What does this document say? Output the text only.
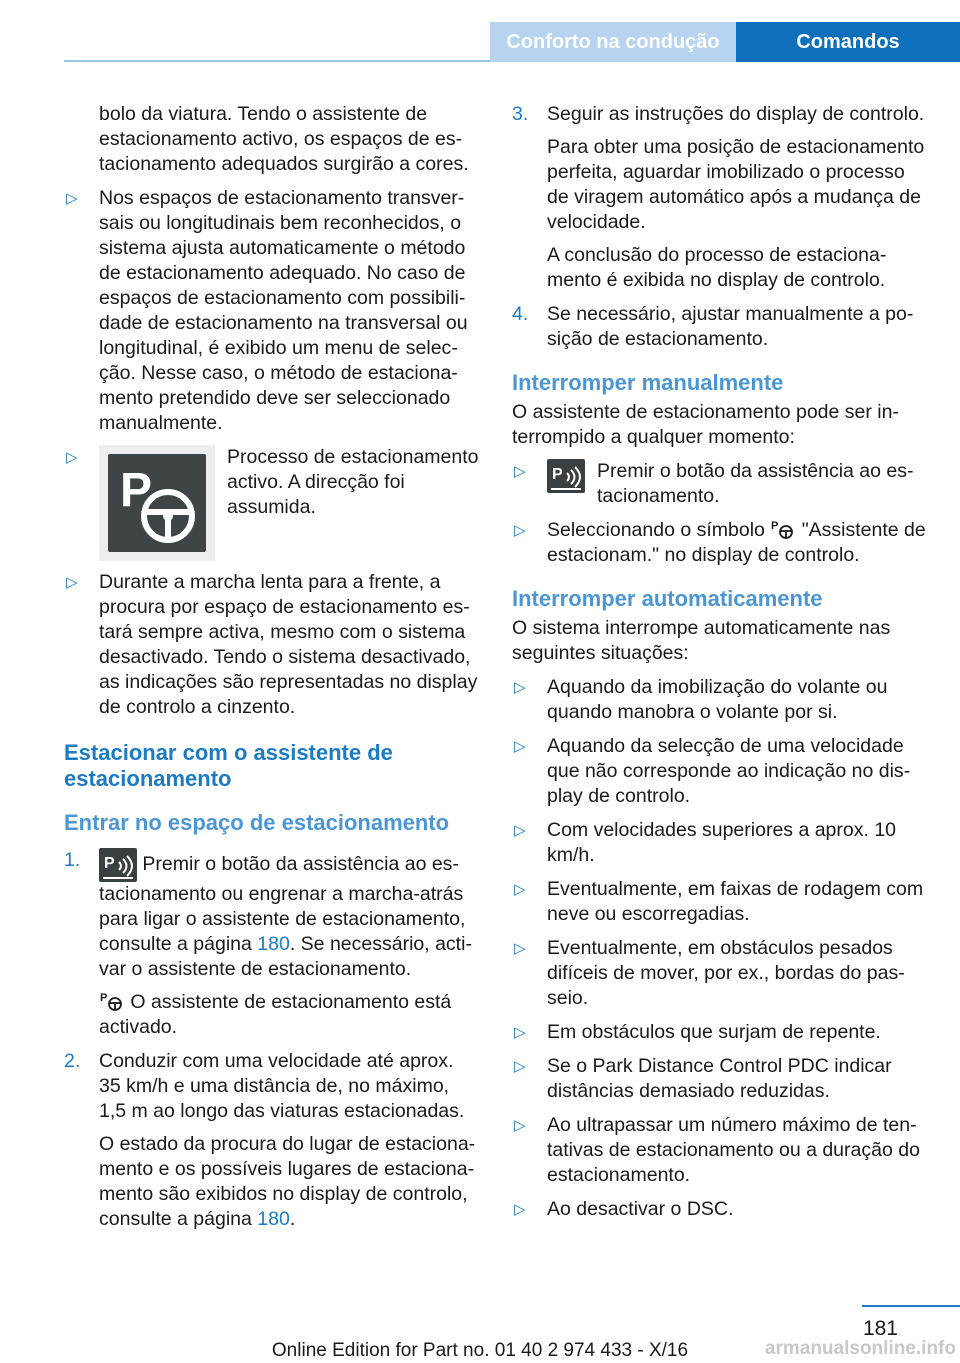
Conforto na condução	Comandos

bolo da viatura. Tendo o assistente de estacionamento activo, os espaços de estacionamento adequados surgirão a cores.

▷ Nos espaços de estacionamento transversais ou longitudinais bem reconhecidos, o sistema ajusta automaticamente o método de estacionamento adequado. No caso de espaços de estacionamento com possibilidade de estacionamento na transversal ou longitudinal, é exibido um menu de selecção. Nesse caso, o método de estacionamento pretendido deve ser seleccionado manualmente.

▷
P

Processo de estacionamento activo. A direcção foi assumida.

▷ Durante a marcha lenta para a frente, a procura por espaço de estacionamento estará sempre activa, mesmo com o sistema desactivado. Tendo o sistema desactivado, as indicações são representadas no display de controlo a cinzento.

Estacionar com o assistente de estacionamento
Entrar no espaço de estacionamento

1. P Premir o botão da assistência ao estacionamento ou engrenar a marcha-atrás para ligar o assistente de estacionamento, consulte a página 180. Se necessário, activar o assistente de estacionamento.

P O assistente de estacionamento está activado.

2. Conduzir com uma velocidade até aprox. 35 km/h e uma distância de, no máximo, 1,5 m ao longo das viaturas estacionadas.

O estado da procura do lugar de estacionamento e os possíveis lugares de estacionamento são exibidos no display de controlo, consulte a página 180.

3. Seguir as instruções do display de controlo.

Para obter uma posição de estacionamento perfeita, aguardar imobilizado o processo de viragem automático após a mudança de velocidade.

A conclusão do processo de estacionamento é exibida no display de controlo.

4. Se necessário, ajustar manualmente a posição de estacionamento.

Interromper manualmente

O assistente de estacionamento pode ser interrompido a qualquer momento:

▷ P Premir o botão da assistência ao estacionamento.

▷ Seleccionando o símbolo P "Assistente de estacionam." no display de controlo.

Interromper automaticamente

O sistema interrompe automaticamente nas seguintes situações:

▷ Aquando da imobilização do volante ou quando manobra o volante por si.

▷ Aquando da selecção de uma velocidade que não corresponde ao indicação no display de controlo.

▷ Com velocidades superiores a aprox. 10 km/h.

▷ Eventualmente, em faixas de rodagem com neve ou escorregadias.

▷ Eventualmente, em obstáculos pesados difíceis de mover, por ex., bordas do passeio.

▷ Em obstáculos que surjam de repente.

▷ Se o Park Distance Control PDC indicar distâncias demasiado reduzidas.

▷ Ao ultrapassar um número máximo de tentativas de estacionamento ou a duração do estacionamento.

▷ Ao desactivar o DSC.

181
Online Edition for Part no. 01 40 2 974 433 - X/16	armanualsonline.info
